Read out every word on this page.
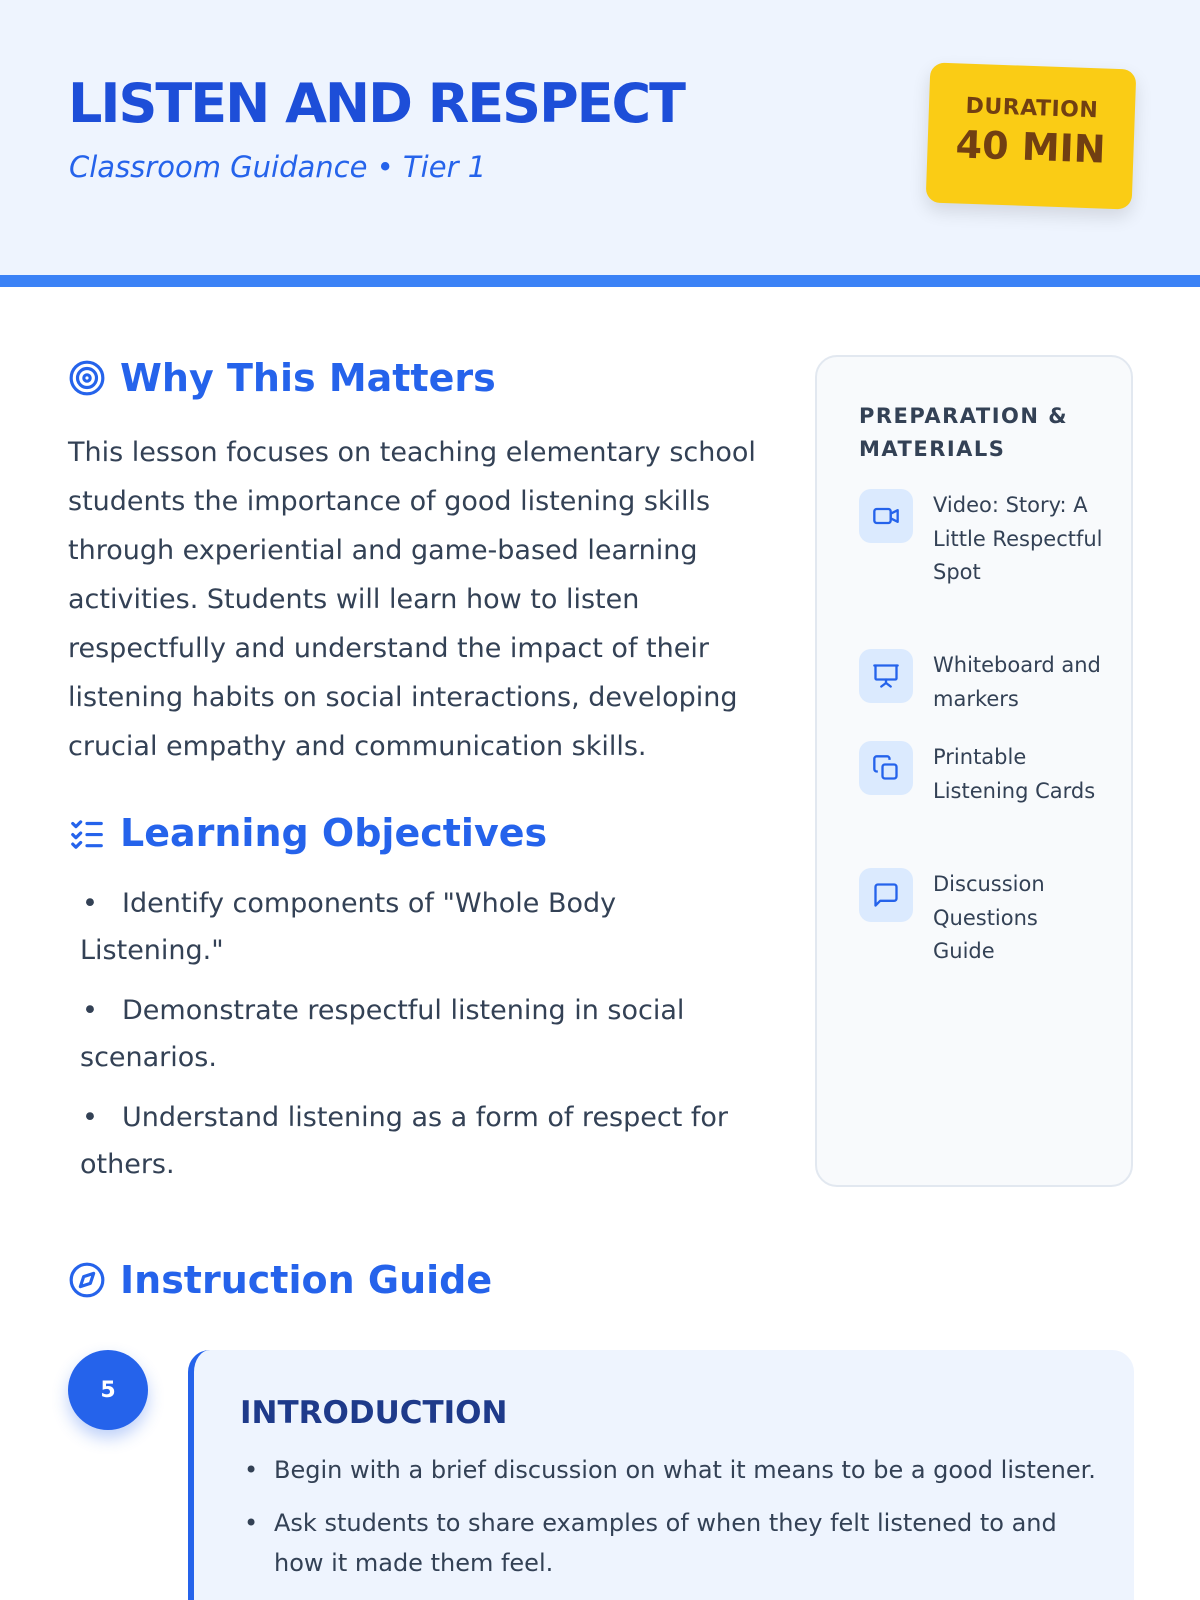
LISTEN AND RESPECT
Classroom Guidance • Tier 1
DURATION
40 MIN
Why This Matters

This lesson focuses on teaching elementary school students the importance of good listening skills through experiential and game-based learning activities. Students will learn how to listen respectfully and understand the impact of their listening habits on social interactions, developing crucial empathy and communication skills.

Learning Objectives
• Identify components of "Whole Body Listening."
• Demonstrate respectful listening in social scenarios.
• Understand listening as a form of respect for others.
PREPARATION & MATERIALS
Video: Story: A Little Respectful Spot
Whiteboard and markers
Printable Listening Cards
Discussion Questions Guide
Instruction Guide
5
INTRODUCTION
• Begin with a brief discussion on what it means to be a good listener.
• Ask students to share examples of when they felt listened to and how it made them feel.
